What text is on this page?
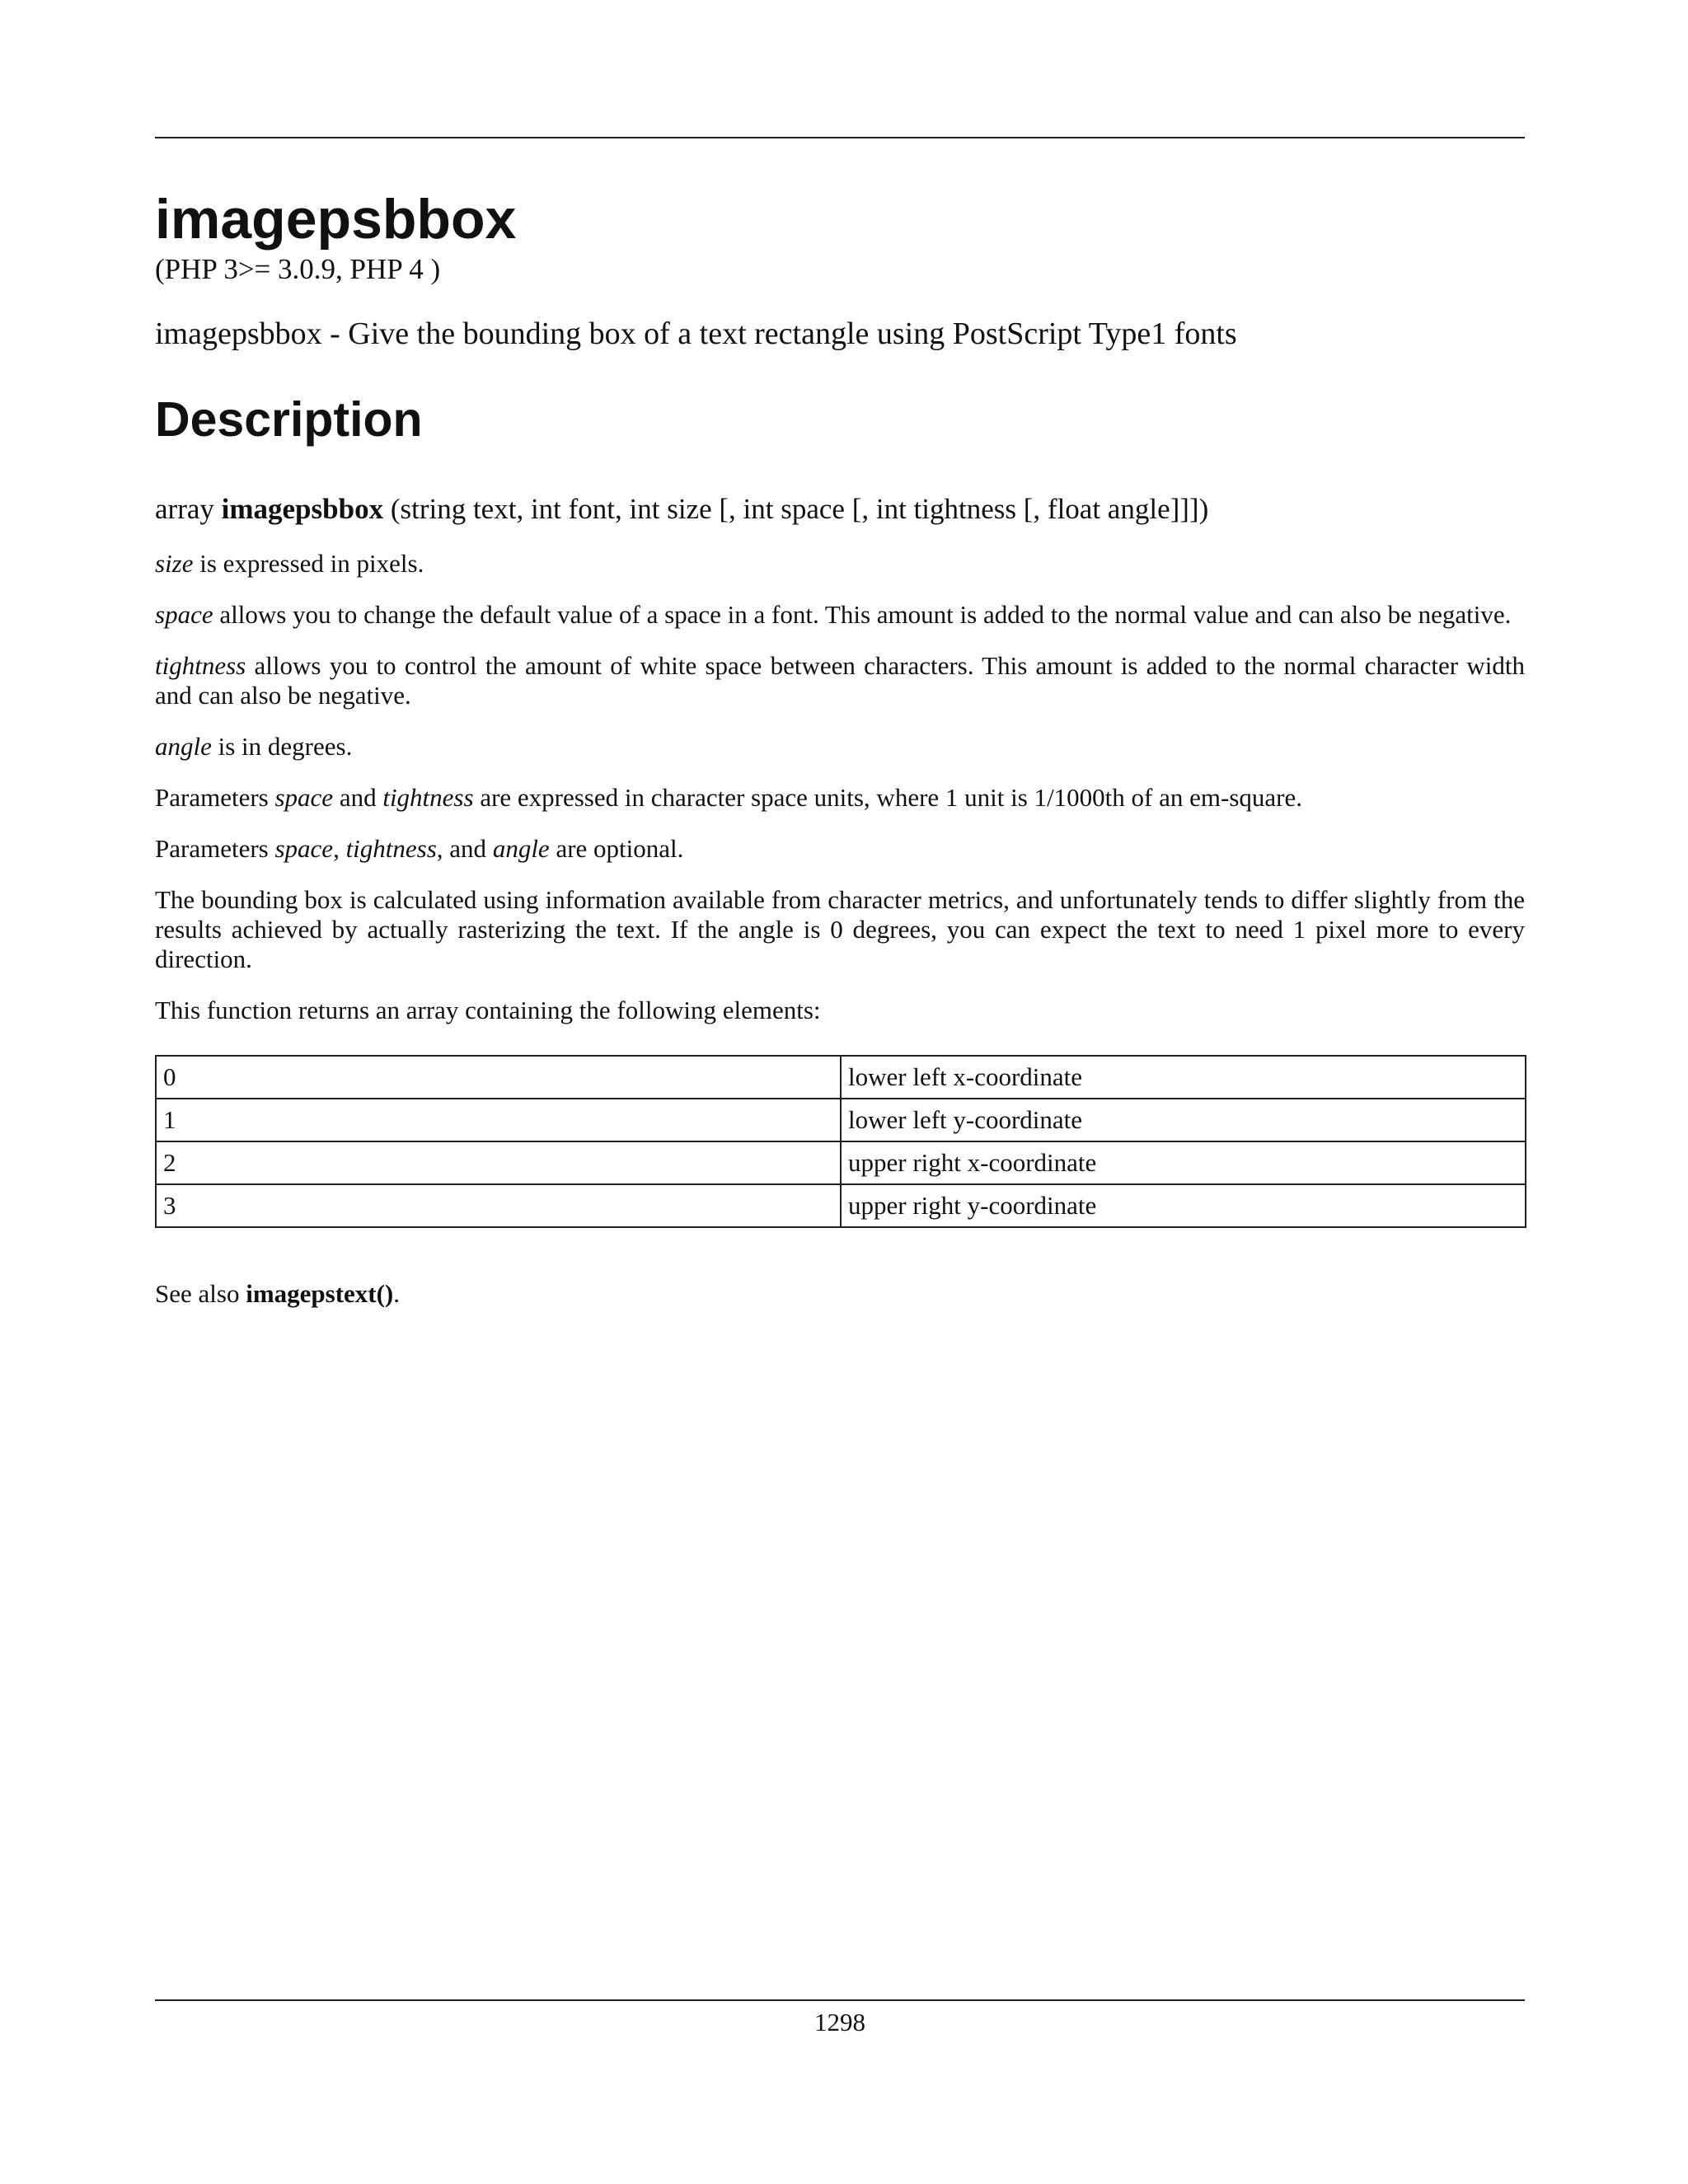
imagepsbbox
(PHP 3>= 3.0.9, PHP 4 )
imagepsbbox - Give the bounding box of a text rectangle using PostScript Type1 fonts
Description
array imagepsbbox (string text, int font, int size [, int space [, int tightness [, float angle]]])

size is expressed in pixels.

space allows you to change the default value of a space in a font. This amount is added to the normal value and can also be negative.

tightness allows you to control the amount of white space between characters. This amount is added to the normal character width and can also be negative.

angle is in degrees.

Parameters space and tightness are expressed in character space units, where 1 unit is 1/1000th of an em-square.

Parameters space, tightness, and angle are optional.

The bounding box is calculated using information available from character metrics, and unfortunately tends to differ slightly from the results achieved by actually rasterizing the text. If the angle is 0 degrees, you can expect the text to need 1 pixel more to every direction.

This function returns an array containing the following elements:

0	lower left x-coordinate
1	lower left y-coordinate
2	upper right x-coordinate
3	upper right y-coordinate

See also imagepstext().

1298
